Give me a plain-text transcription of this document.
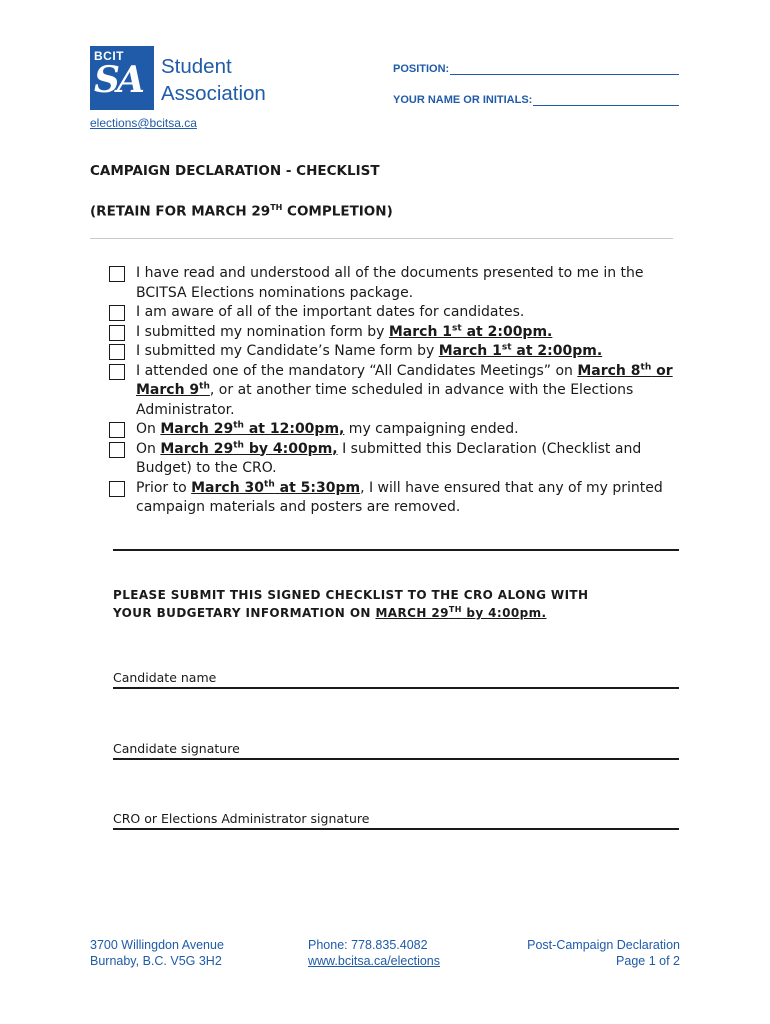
BCIT
SA Student
Association
elections@bcitsa.ca
POSITION:
YOUR NAME OR INITIALS:
CAMPAIGN DECLARATION - CHECKLIST
(RETAIN FOR MARCH 29TH COMPLETION)
I have read and understood all of the documents presented to me in the BCITSA Elections nominations package.
I am aware of all of the important dates for candidates.
I submitted my nomination form by March 1st at 2:00pm.
I submitted my Candidate’s Name form by March 1st at 2:00pm.
I attended one of the mandatory “All Candidates Meetings” on March 8th or March 9th, or at another time scheduled in advance with the Elections Administrator.
On March 29th at 12:00pm, my campaigning ended.
On March 29th by 4:00pm, I submitted this Declaration (Checklist and Budget) to the CRO.
Prior to March 30th at 5:30pm, I will have ensured that any of my printed campaign materials and posters are removed.
PLEASE SUBMIT THIS SIGNED CHECKLIST TO THE CRO ALONG WITH
YOUR BUDGETARY INFORMATION ON MARCH 29TH by 4:00pm.
Candidate name
Candidate signature
CRO or Elections Administrator signature
3700 Willingdon Avenue
Burnaby, B.C. V5G 3H2
Phone: 778.835.4082
www.bcitsa.ca/elections
Post-Campaign Declaration
Page 1 of 2
